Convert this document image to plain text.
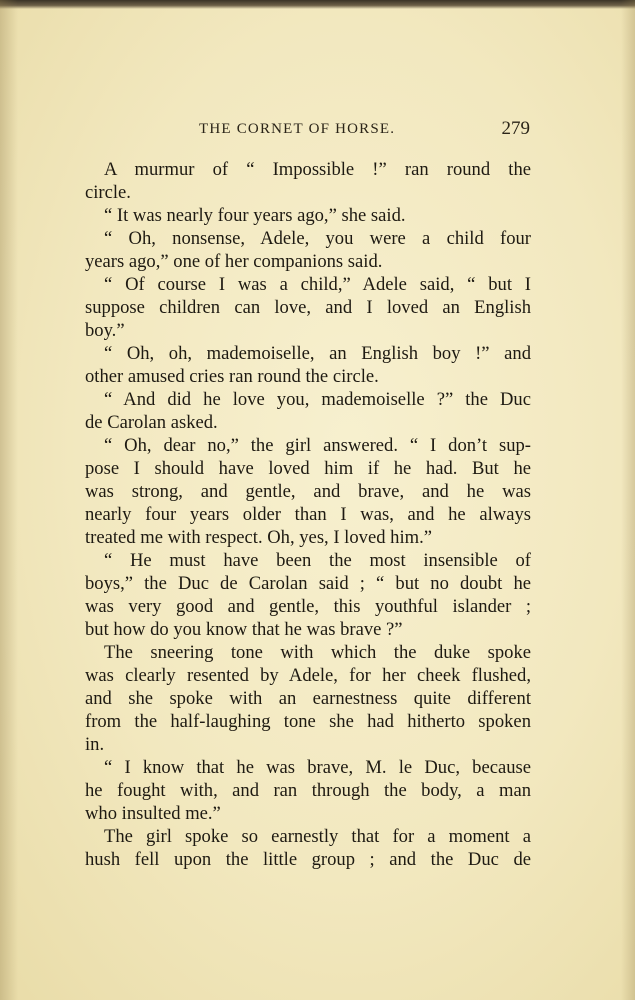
THE CORNET OF HORSE.	279
A murmur of “ Impossible !” ran round the
circle.
“ It was nearly four years ago,” she said.
“ Oh, nonsense, Adele, you were a child four
years ago,” one of her companions said.
“ Of course I was a child,” Adele said, “ but I
suppose children can love, and I loved an English
boy.”
“ Oh, oh, mademoiselle, an English boy !” and
other amused cries ran round the circle.
“ And did he love you, mademoiselle ?” the Duc
de Carolan asked.
“ Oh, dear no,” the girl answered. “ I don’t sup-
pose I should have loved him if he had. But he
was strong, and gentle, and brave, and he was
nearly four years older than I was, and he always
treated me with respect. Oh, yes, I loved him.”
“ He must have been the most insensible of
boys,” the Duc de Carolan said ; “ but no doubt he
was very good and gentle, this youthful islander ;
but how do you know that he was brave ?”
The sneering tone with which the duke spoke
was clearly resented by Adele, for her cheek flushed,
and she spoke with an earnestness quite different
from the half-laughing tone she had hitherto spoken
in.
“ I know that he was brave, M. le Duc, because
he fought with, and ran through the body, a man
who insulted me.”
The girl spoke so earnestly that for a moment a
hush fell upon the little group ; and the Duc de
